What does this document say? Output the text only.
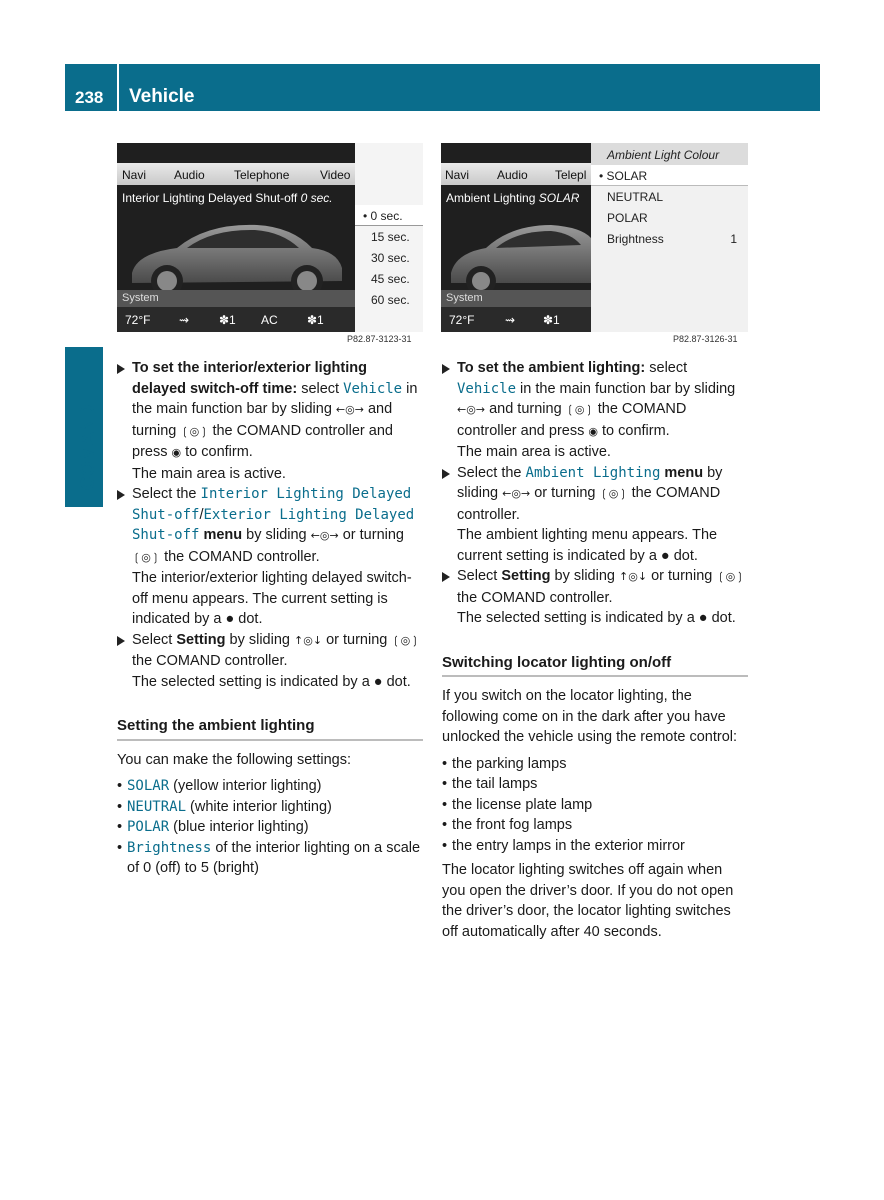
238 Vehicle
COMAND
Navi Audio Telephone	Video
Interior Lighting Delayed Shut-off 0 sec.
System
72°F ⇝ ✽1 AC ✽1
• 0 sec.
15 sec.
30 sec.
45 sec.
60 sec.
P82.87-3123-31
Navi Audio Telepl
Ambient Lighting SOLAR
System
72°F	⇝ ✽1
Ambient Light Colour
• SOLAR
NEUTRAL
POLAR
Brightness	1
P82.87-3126-31

To set the interior/exterior lighting delayed switch-off time: select Vehicle in the main function bar by sliding ←◎→ and turning ❲◎❳ the COMAND controller and press ◉ to confirm.
The main area is active.

Select the Interior Lighting Delayed Shut-off/Exterior Lighting Delayed Shut-off menu by sliding ←◎→ or turning ❲◎❳ the COMAND controller.
The interior/exterior lighting delayed switch-off menu appears. The current setting is indicated by a ● dot.

Select Setting by sliding ↑◎↓ or turning ❲◎❳ the COMAND controller.
The selected setting is indicated by a ● dot.

Setting the ambient lighting

You can make the following settings:

• SOLAR (yellow interior lighting)

• NEUTRAL (white interior lighting)

• POLAR (blue interior lighting)

• Brightness of the interior lighting on a scale of 0 (off) to 5 (bright)

To set the ambient lighting: select Vehicle in the main function bar by sliding ←◎→ and turning ❲◎❳ the COMAND controller and press ◉ to confirm.
The main area is active.

Select the Ambient Lighting menu by sliding ←◎→ or turning ❲◎❳ the COMAND controller.
The ambient lighting menu appears. The current setting is indicated by a ● dot.

Select Setting by sliding ↑◎↓ or turning ❲◎❳ the COMAND controller.
The selected setting is indicated by a ● dot.

Switching locator lighting on/off

If you switch on the locator lighting, the following come on in the dark after you have unlocked the vehicle using the remote control:

• the parking lamps

• the tail lamps

• the license plate lamp

• the front fog lamps

• the entry lamps in the exterior mirror

The locator lighting switches off again when you open the driver’s door. If you do not open the driver’s door, the locator lighting switches off automatically after 40 seconds.
